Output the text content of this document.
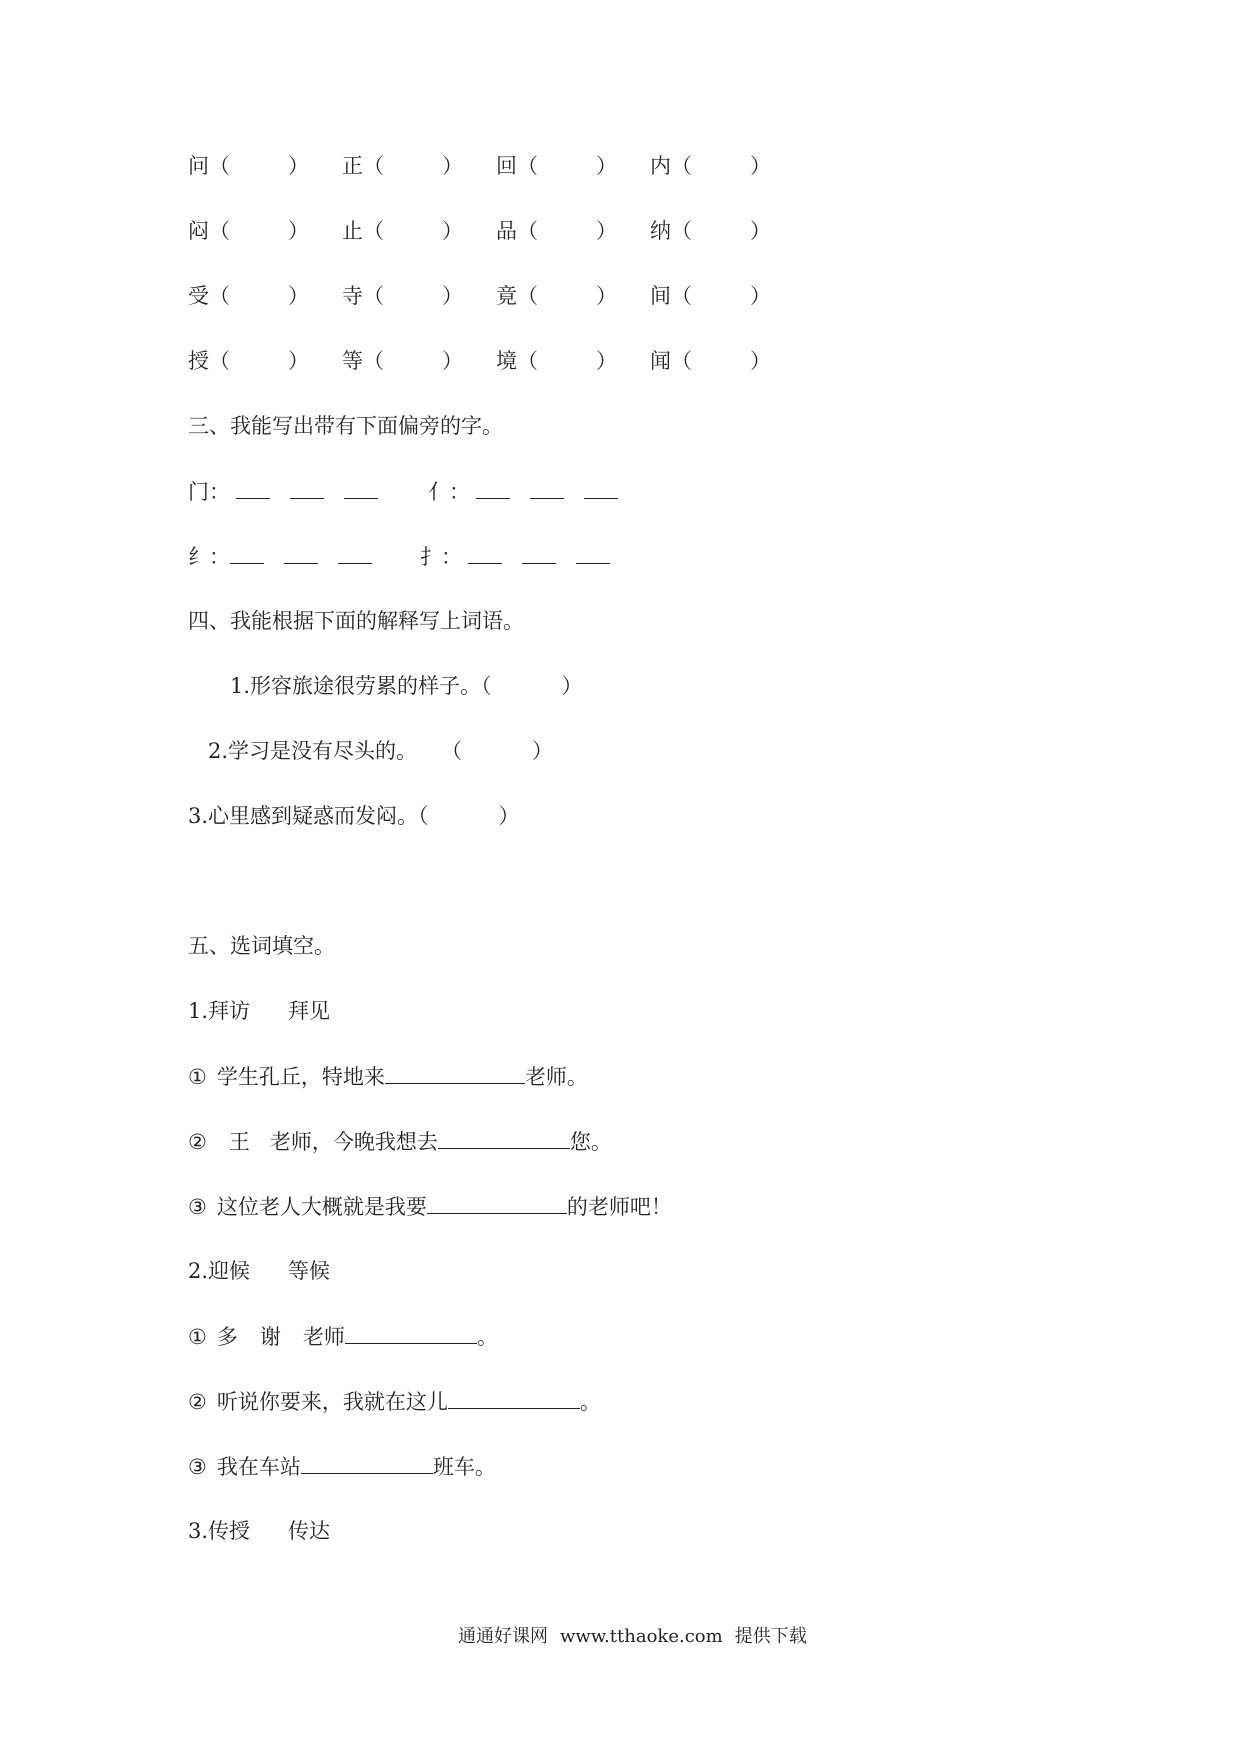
问（	） 正（	） 回（	） 内（	）
闷（	） 止（	） 品（	） 纳（	）
受（	） 寺（	） 竟（	） 间（	）
授（	） 等（	） 境（	） 闻（	）
三、我能写出带有下面偏旁的字。
门：	亻：
纟：	扌：
四、我能根据下面的解释写上词语。
1.形容旅途很劳累的样子。（	）
2.学习是没有尽头的。 （	）
3.心里感到疑惑而发闷。（	）
五、选词填空。
1.拜访 拜见
① 学生孔丘，特地来	老师。
② 王 老师，今晚我想去	您。
③ 这位老人大概就是我要	的老师吧！
2.迎候 等候
① 多 谢 老师	。
② 听说你要来，我就在这儿	。
③ 我在车站	班车。
3.传授 传达
通通好课网 www.tthaoke.com 提供下载
